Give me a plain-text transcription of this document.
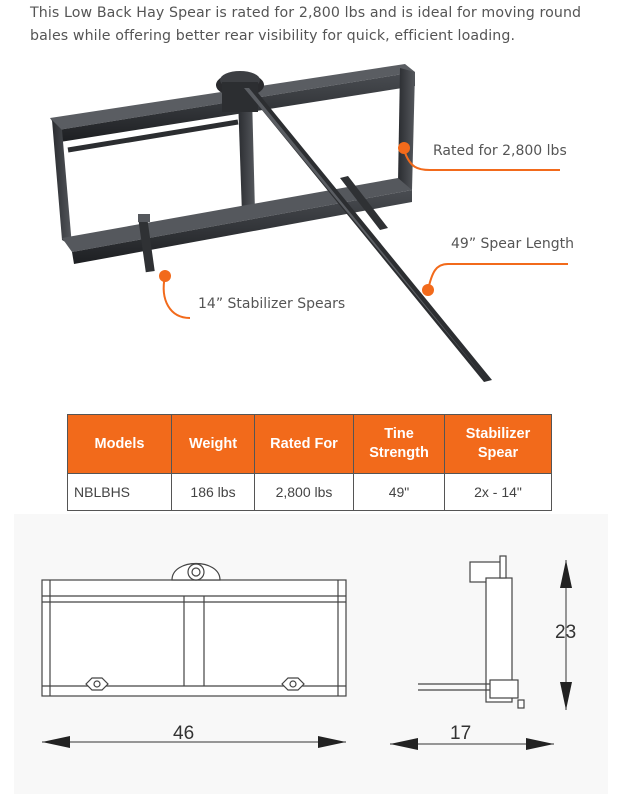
This Low Back Hay Spear is rated for 2,800 lbs and is ideal for moving round bales while offering better rear visibility for quick, efficient loading.
Rated for 2,800 lbs
49” Spear Length
14” Stabilizer Spears
Models	Weight	Rated For	Tine Strength	Stabilizer Spear
NBLBHS	186 lbs	2,800 lbs	49"	2x - 14"
46	17
23
